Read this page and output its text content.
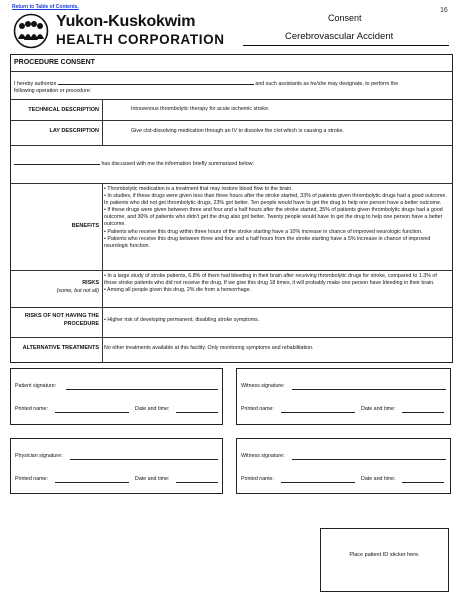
Return to Table of Contents.	16
Yukon-Kuskokwim
HEALTH CORPORATION
Consent
Cerebrovascular Accident
PROCEDURE CONSENT
I hereby authorize	and such assistants as he/she may designate, to perform the
following operation or procedure:
TECHNICAL DESCRIPTION	Intravenous thrombolytic therapy for acute ischemic stroke.
LAY DESCRIPTION	Give clot-dissolving medication through an IV to dissolve the clot which is causing a stroke.
has discussed with me the information briefly summarized below:
BENEFITS
• Thrombolytic medication is a treatment that may restore blood flow to the brain.
• In studies, if these drugs were given less than three hours after the stroke started, 33% of patients given thrombolytic drugs had a good outcome. In patients who did not get thrombolytic drugs, 23% got better. Ten people would have to get the drug to help one person have a better outcome.
• If these drugs were given between three and four and a half hours after the stroke started, 35% of patients given thrombolytic drugs had a good outcome, and 30% of patients who didn't get the drug also got better. Twenty people would have to get the drug to help one person have a better outcome.
• Patients who receive this drug within three hours of the stroke starting have a 10% increase in chance of improved neurologic function.
• Patients who receive this drug between three and four and a half hours from the stroke starting have a 5% increase in chance of improved neurologic function.
RISKS
(some, but not all)
• In a large study of stroke patients, 6.8% of them had bleeding in their brain after receiving thrombolytic drugs for stroke, compared to 1.3% of those stroke patients who did not receive the drug. If we give this drug 18 times, it will probably make one person have bleeding in their brain.
• Among all people given this drug, 2% die from a hemorrhage.
RISKS OF NOT HAVING THE
PROCEDURE
• Higher risk of developing permanent, disabling stroke symptoms.
ALTERNATIVE TREATMENTS No other treatments available at this facility. Only monitoring symptoms and rehabilitation.
Patient signature:
Printed name:	Date and time:
Witness signature:
Printed name:	Date and time:
Physician signature:
Printed name:	Date and time:
Witness signature:
Printed name:	Date and time:
Place patient ID sticker here.
